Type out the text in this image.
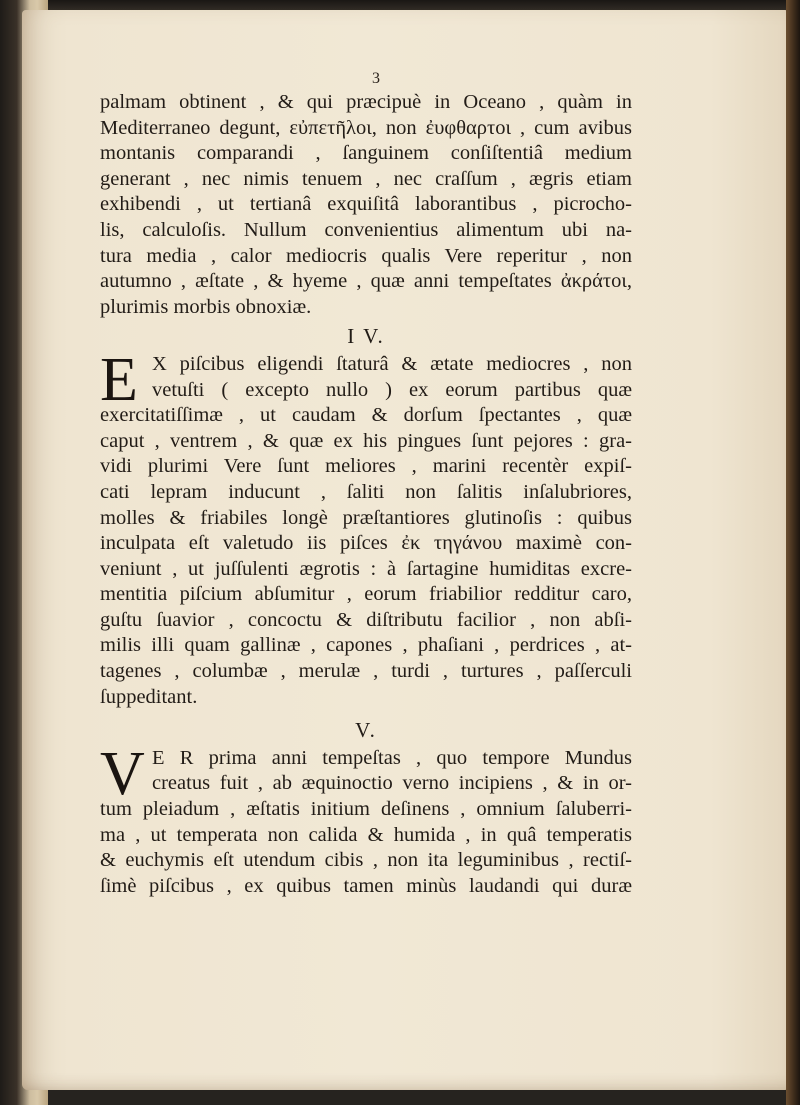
3
palmam obtinent , & qui præcipuè in Oceano , quàm in
Mediterraneo degunt, εὐπετῆλοι, non ἐυφθαρτοι , cum avibus
montanis comparandi , ſanguinem conſiſtentiâ medium
generant , nec nimis tenuem , nec craſſum , ægris etiam
exhibendi , ut tertianâ exquiſitâ laborantibus , picrocho-
lis, calculoſis. Nullum convenientius alimentum ubi na-
tura media , calor mediocris qualis Vere reperitur , non
autumno , æſtate , & hyeme , quæ anni tempeſtates ἀκράτοι,
plurimis morbis obnoxiæ.
I V.
E X piſcibus eligendi ſtaturâ & ætate mediocres , non
vetuſti ( excepto nullo ) ex eorum partibus quæ
exercitatiſſimæ , ut caudam & dorſum ſpectantes , quæ
caput , ventrem , & quæ ex his pingues ſunt pejores : gra-
vidi plurimi Vere ſunt meliores , marini recentèr expiſ-
cati lepram inducunt , ſaliti non ſalitis inſalubriores,
molles & friabiles longè præſtantiores glutinoſis : quibus
inculpata eſt valetudo iis piſces ἐκ τηγάνου maximè con-
veniunt , ut juſſulenti ægrotis : à ſartagine humiditas excre-
mentitia piſcium abſumitur , eorum friabilior redditur caro,
guſtu ſuavior , concoctu & diſtributu facilior , non abſi-
milis illi quam gallinæ , capones , phaſiani , perdrices , at-
tagenes , columbæ , merulæ , turdi , turtures , paſſerculi
ſuppeditant.
V.
V E R prima anni tempeſtas , quo tempore Mundus
creatus fuit , ab æquinoctio verno incipiens , & in or-
tum pleiadum , æſtatis initium deſinens , omnium ſaluberri-
ma , ut temperata non calida & humida , in quâ temperatis
& euchymis eſt utendum cibis , non ita leguminibus , rectiſ-
ſimè piſcibus , ex quibus tamen minùs laudandi qui duræ
